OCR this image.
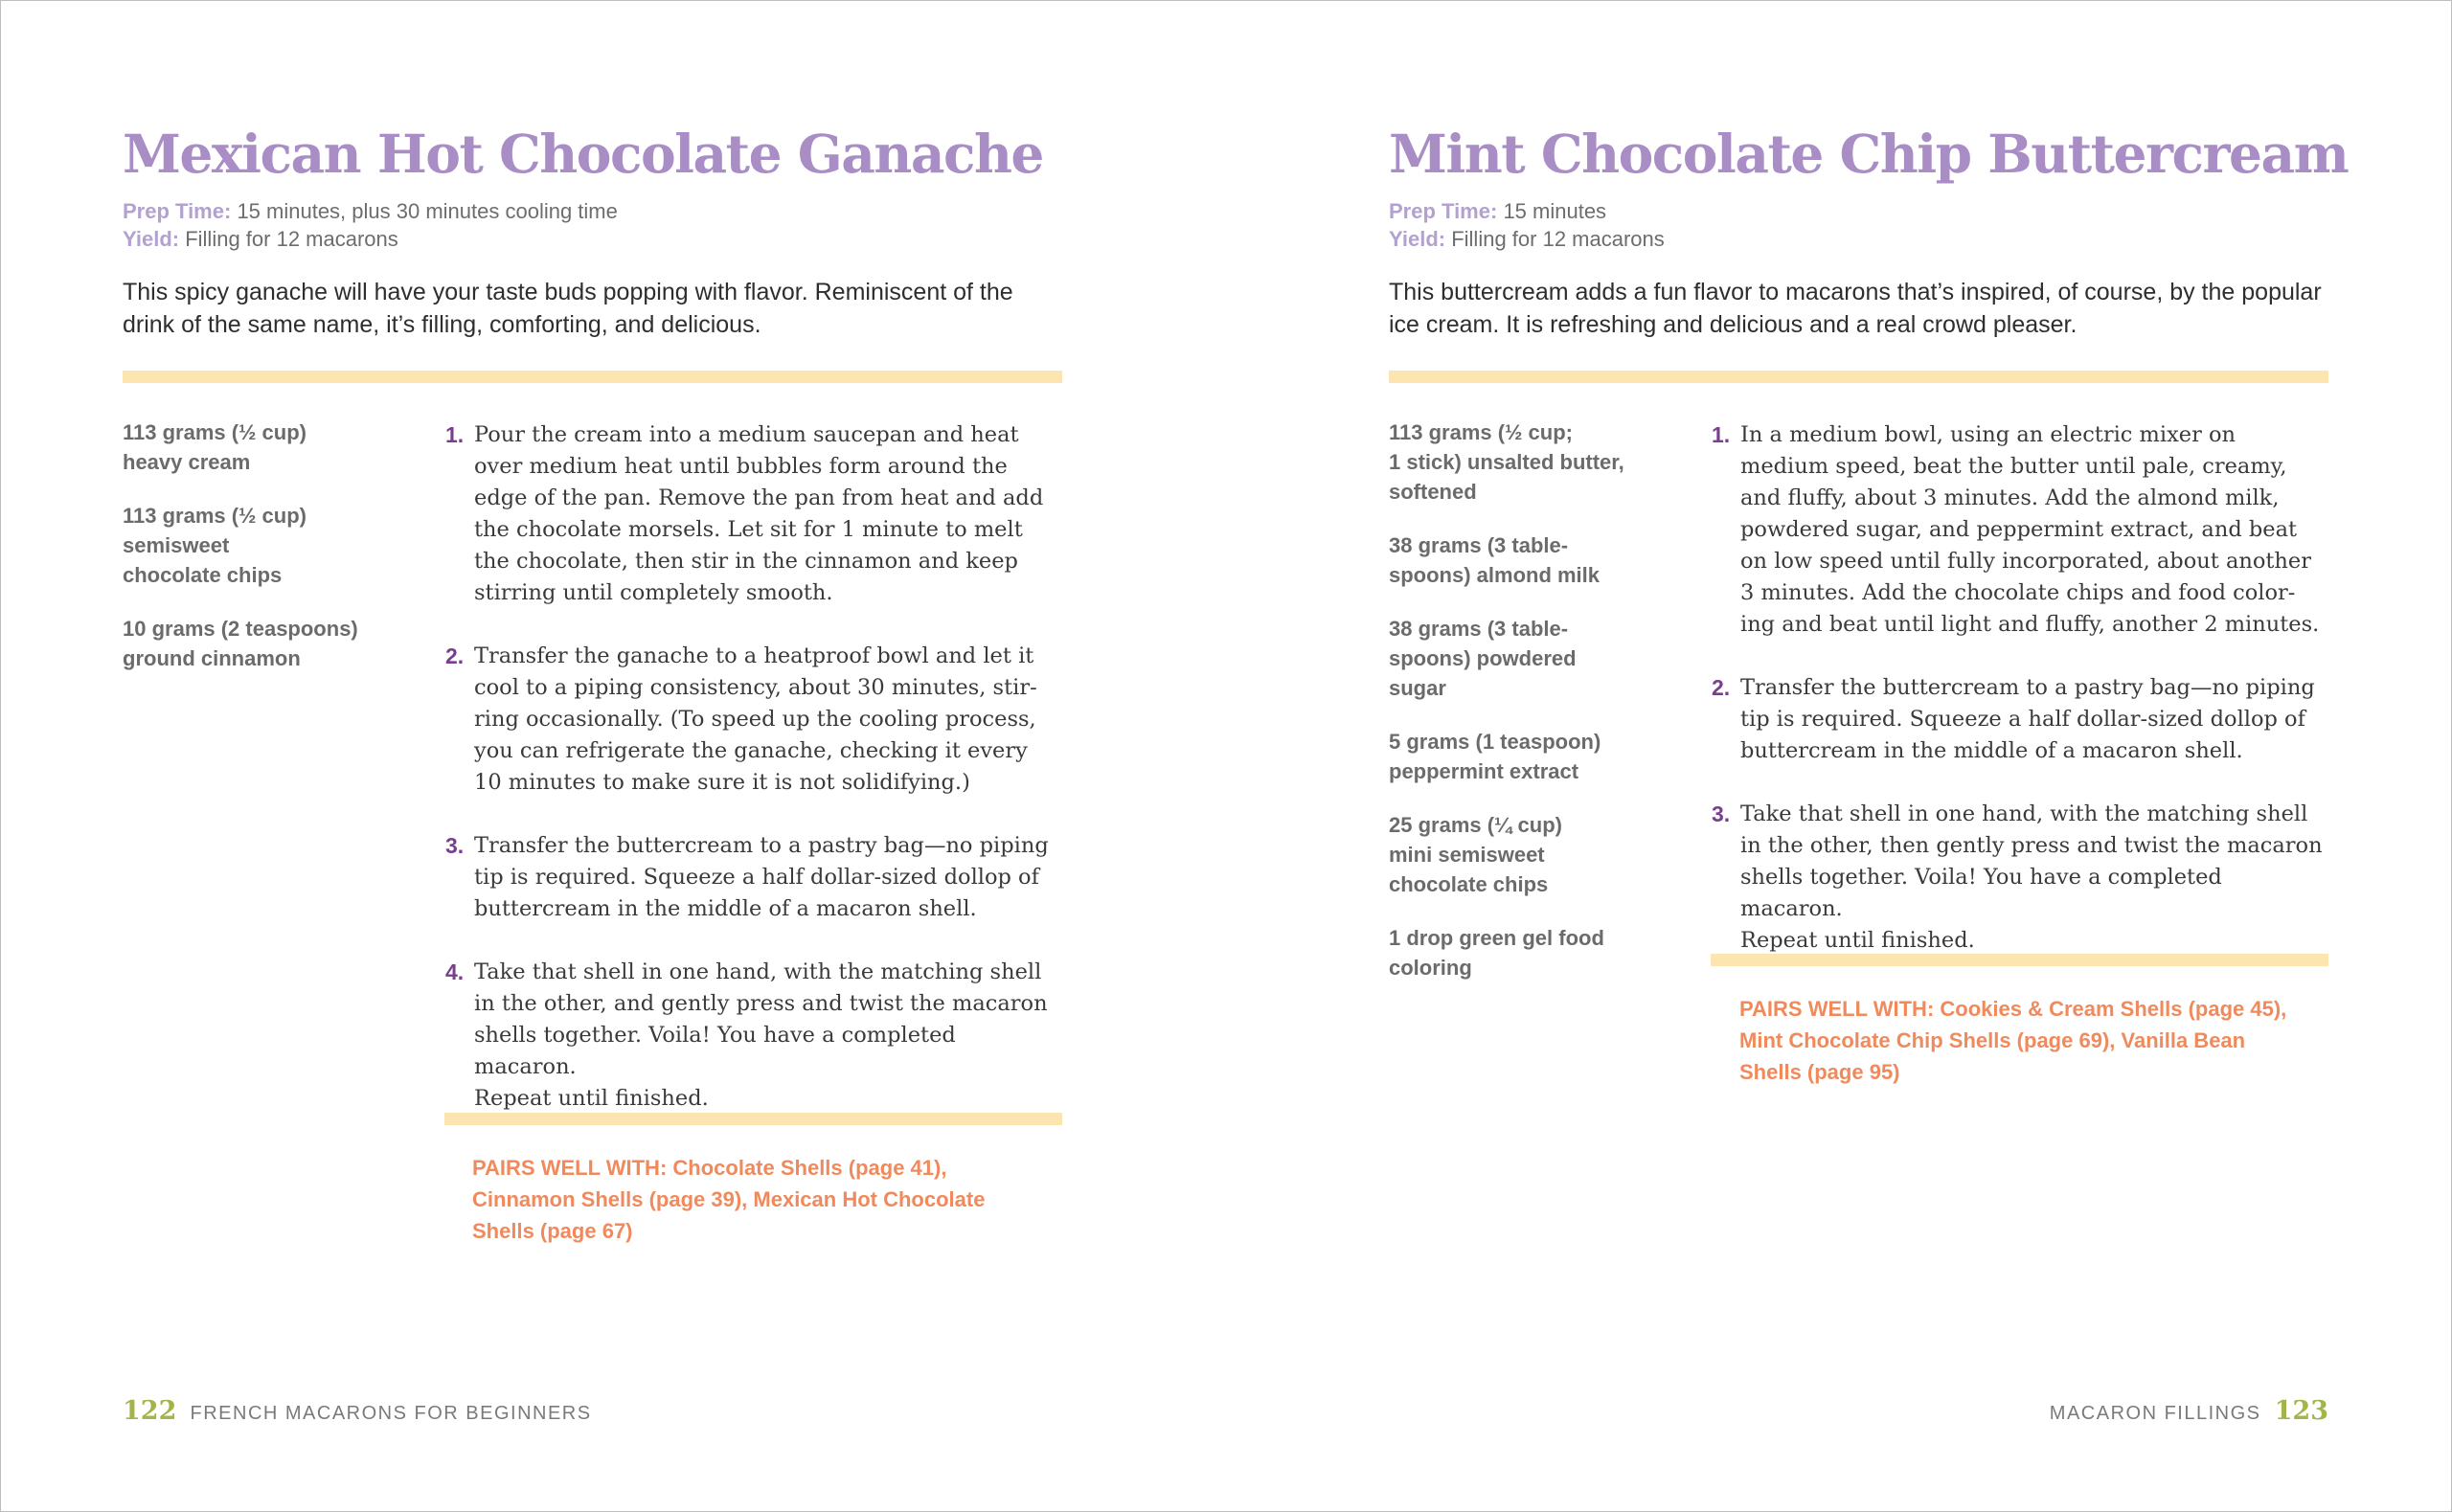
Mexican Hot Chocolate Ganache
Prep Time: 15 minutes, plus 30 minutes cooling time
Yield: Filling for 12 macarons
This spicy ganache will have your taste buds popping with flavor. Reminiscent of the drink of the same name, it’s filling, comforting, and delicious.
113 grams (½ cup)
heavy cream
113 grams (½ cup)
semisweet
chocolate chips
10 grams (2 teaspoons)
ground cinnamon
1. Pour the cream into a medium saucepan and heat
over medium heat until bubbles form around the
edge of the pan. Remove the pan from heat and add
the chocolate morsels. Let sit for 1 minute to melt
the chocolate, then stir in the cinnamon and keep
stirring until completely smooth.
2. Transfer the ganache to a heatproof bowl and let it
cool to a piping consistency, about 30 minutes, stir-
ring occasionally. (To speed up the cooling process,
you can refrigerate the ganache, checking it every
10 minutes to make sure it is not solidifying.)
3. Transfer the buttercream to a pastry bag—no piping
tip is required. Squeeze a half dollar-sized dollop of
buttercream in the middle of a macaron shell.
4. Take that shell in one hand, with the matching shell
in the other, and gently press and twist the macaron
shells together. Voila! You have a completed macaron.
Repeat until finished.
PAIRS WELL WITH: Chocolate Shells (page 41),
Cinnamon Shells (page 39), Mexican Hot Chocolate
Shells (page 67)
122 FRENCH MACARONS FOR BEGINNERS
Mint Chocolate Chip Buttercream
Prep Time: 15 minutes
Yield: Filling for 12 macarons
This buttercream adds a fun flavor to macarons that’s inspired, of course, by the popular ice cream. It is refreshing and delicious and a real crowd pleaser.
113 grams (½ cup;
1 stick) unsalted butter,
softened
38 grams (3 table-
spoons) almond milk
38 grams (3 table-
spoons) powdered
sugar
5 grams (1 teaspoon)
peppermint extract
25 grams (¼ cup)
mini semisweet
chocolate chips
1 drop green gel food
coloring
1. In a medium bowl, using an electric mixer on
medium speed, beat the butter until pale, creamy,
and fluffy, about 3 minutes. Add the almond milk,
powdered sugar, and peppermint extract, and beat
on low speed until fully incorporated, about another
3 minutes. Add the chocolate chips and food color-
ing and beat until light and fluffy, another 2 minutes.
2. Transfer the buttercream to a pastry bag—no piping
tip is required. Squeeze a half dollar-sized dollop of
buttercream in the middle of a macaron shell.
3. Take that shell in one hand, with the matching shell
in the other, then gently press and twist the macaron
shells together. Voila! You have a completed macaron.
Repeat until finished.
PAIRS WELL WITH: Cookies & Cream Shells (page 45),
Mint Chocolate Chip Shells (page 69), Vanilla Bean
Shells (page 95)
MACARON FILLINGS 123
